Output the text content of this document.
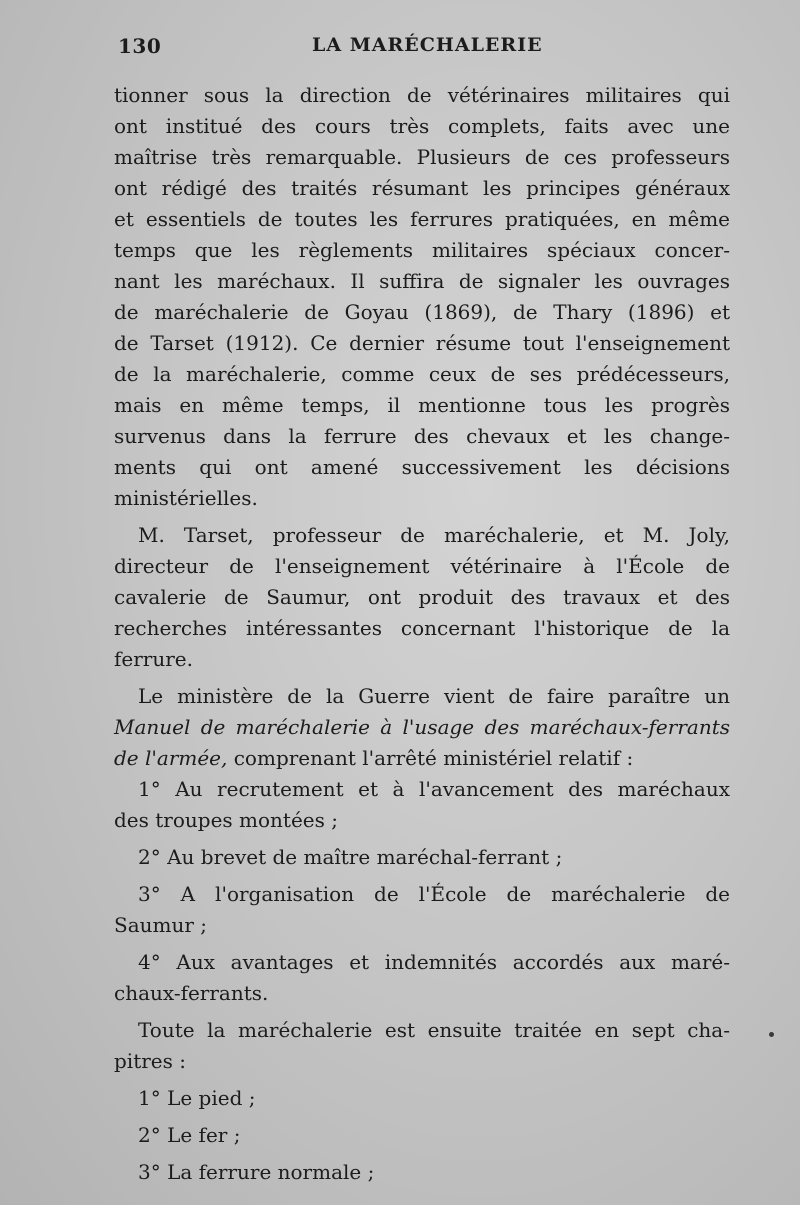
130	LA MARÉCHALERIE
tionner sous la direction de vétérinaires militaires qui
ont institué des cours très complets, faits avec une
maîtrise très remarquable. Plusieurs de ces professeurs
ont rédigé des traités résumant les principes généraux
et essentiels de toutes les ferrures pratiquées, en même
temps que les règlements militaires spéciaux concer-
nant les maréchaux. Il suffira de signaler les ouvrages
de maréchalerie de Goyau (1869), de Thary (1896) et
de Tarset (1912). Ce dernier résume tout l'enseignement
de la maréchalerie, comme ceux de ses prédécesseurs,
mais en même temps, il mentionne tous les progrès
survenus dans la ferrure des chevaux et les change-
ments qui ont amené successivement les décisions
ministérielles.
M. Tarset, professeur de maréchalerie, et M. Joly,
directeur de l'enseignement vétérinaire à l'École de
cavalerie de Saumur, ont produit des travaux et des
recherches intéressantes concernant l'historique de la
ferrure.
Le ministère de la Guerre vient de faire paraître un
Manuel de maréchalerie à l'usage des maréchaux-ferrants
de l'armée, comprenant l'arrêté ministériel relatif :
1° Au recrutement et à l'avancement des maréchaux
des troupes montées ;
2° Au brevet de maître maréchal-ferrant ;
3° A l'organisation de l'École de maréchalerie de
Saumur ;
4° Aux avantages et indemnités accordés aux maré-
chaux-ferrants.
Toute la maréchalerie est ensuite traitée en sept cha-
pitres :
1° Le pied ;
2° Le fer ;
3° La ferrure normale ;
